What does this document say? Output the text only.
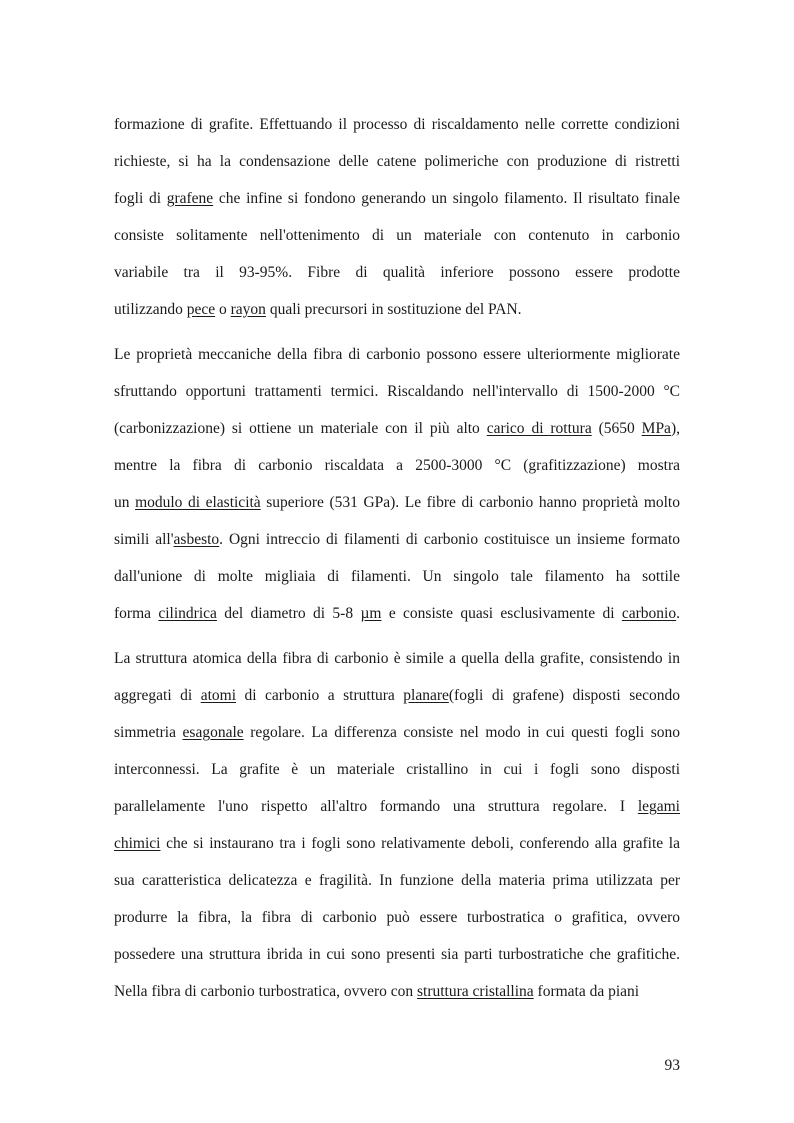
formazione di grafite. Effettuando il processo di riscaldamento nelle corrette condizioni
richieste, si ha la condensazione delle catene polimeriche con produzione di ristretti
fogli di grafene che infine si fondono generando un singolo filamento. Il risultato finale
consiste solitamente nell'ottenimento di un materiale con contenuto in carbonio
variabile tra il 93-95%. Fibre di qualità inferiore possono essere prodotte
utilizzando pece o rayon quali precursori in sostituzione del PAN.
Le proprietà meccaniche della fibra di carbonio possono essere ulteriormente migliorate
sfruttando opportuni trattamenti termici. Riscaldando nell'intervallo di 1500-2000 °C
(carbonizzazione) si ottiene un materiale con il più alto carico di rottura (5650 MPa),
mentre la fibra di carbonio riscaldata a 2500-3000 °C (grafitizzazione) mostra
un modulo di elasticità superiore (531 GPa). Le fibre di carbonio hanno proprietà molto
simili all'asbesto. Ogni intreccio di filamenti di carbonio costituisce un insieme formato
dall'unione di molte migliaia di filamenti. Un singolo tale filamento ha sottile
forma cilindrica del diametro di 5-8 µm e consiste quasi esclusivamente di carbonio.
La struttura atomica della fibra di carbonio è simile a quella della grafite, consistendo in
aggregati di atomi di carbonio a struttura planare(fogli di grafene) disposti secondo
simmetria esagonale regolare. La differenza consiste nel modo in cui questi fogli sono
interconnessi. La grafite è un materiale cristallino in cui i fogli sono disposti
parallelamente l'uno rispetto all'altro formando una struttura regolare. I legami
chimici che si instaurano tra i fogli sono relativamente deboli, conferendo alla grafite la
sua caratteristica delicatezza e fragilità. In funzione della materia prima utilizzata per
produrre la fibra, la fibra di carbonio può essere turbostratica o grafitica, ovvero
possedere una struttura ibrida in cui sono presenti sia parti turbostratiche che grafitiche.
Nella fibra di carbonio turbostratica, ovvero con struttura cristallina formata da piani
93
